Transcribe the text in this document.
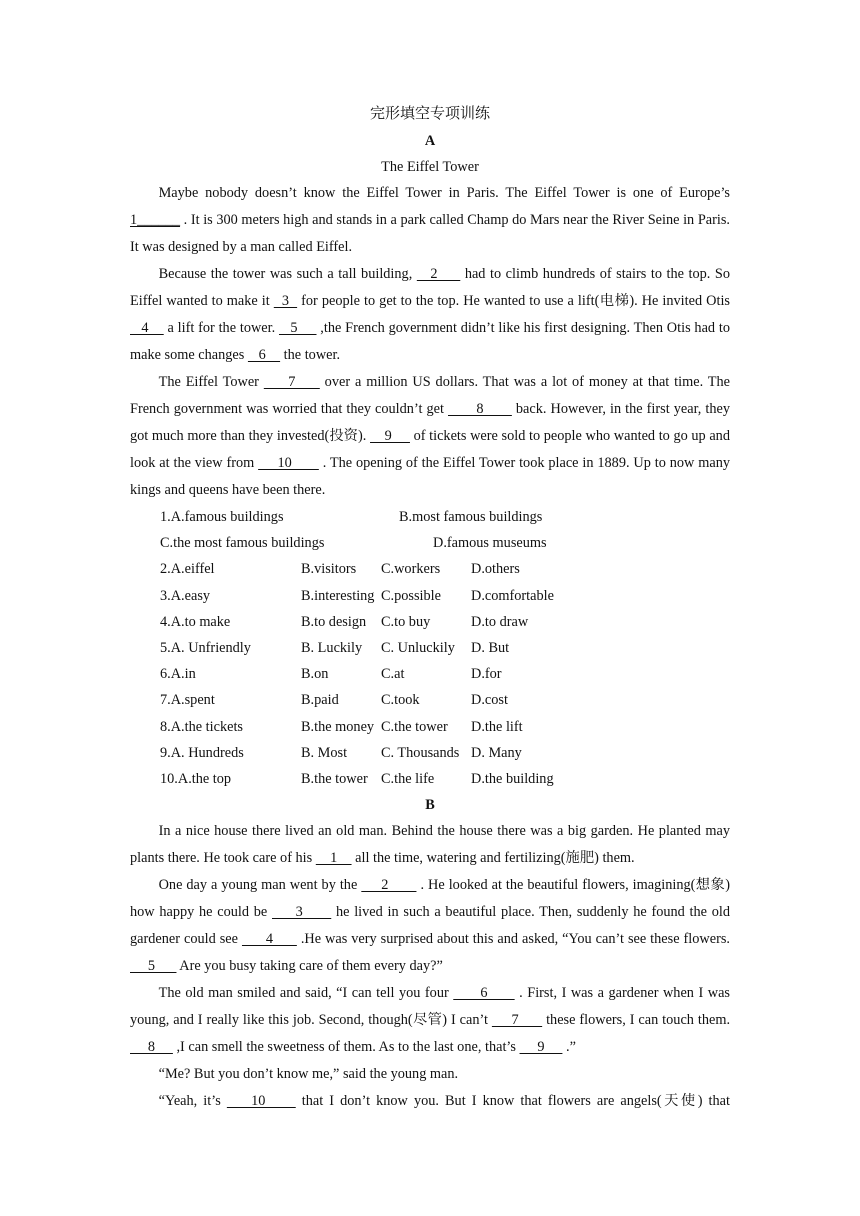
完形填空专项训练
A
The Eiffel Tower

Maybe nobody doesn’t know the Eiffel Tower in Paris. The Eiffel Tower is one of Europe’s 1______ . It is 300 meters high and stands in a park called Champ do Mars near the River Seine in Paris. It was designed by a man called Eiffel.

Because the tower was such a tall building,    2      had to climb hundreds of stairs to the top. So Eiffel wanted to make it   3   for people to get to the top. He wanted to use a lift(电梯). He invited Otis    4     a lift for the tower.    5      ,the French government didn’t like his first designing. Then Otis had to make some changes    6     the tower.

The Eiffel Tower      7      over a million US dollars. That was a lot of money at that time. The French government was worried that they couldn’t get        8        back. However, in the first year, they got much more than they invested(投资).     9      of tickets were sold to people who wanted to go up and look at the view from      10        . The opening of the Eiffel Tower took place in 1889. Up to now many kings and queens have been there.

1.A.famous buildings	B.most famous buildings
C.the most famous buildings	D.famous museums
2.A.eiffel	B.visitors C.workers D.others
3.A.easy	B.interesting C.possible D.comfortable
4.A.to make	B.to design C.to buy	D.to draw
5.A. Unfriendly	B. Luckily C. Unluckily D. But
6.A.in	B.on	C.at	D.for
7.A.spent	B.paid	C.took	D.cost
8.A.the tickets	B.the money C.the tower D.the lift
9.A. Hundreds	B. Most C. Thousands D. Many
10.A.the top	B.the tower C.the life	D.the building
B

In a nice house there lived an old man. Behind the house there was a big garden. He planted may plants there. He took care of his     1     all the time, watering and fertilizing(施肥) them.

One day a young man went by the      2        . He looked at the beautiful flowers, imagining(想象) how happy he could be      3       he lived in such a beautiful place. Then, suddenly he found the old gardener could see       4       .He was very surprised about this and asked, “You can’t see these flowers.      5       Are you busy taking care of them every day?”

The old man smiled and said, “I can tell you four       6       . First, I was a gardener when I was young, and I really like this job. Second, though(尽管) I can’t      7       these flowers, I can touch them.      8      ,I can smell the sweetness of them. As to the last one, that’s      9      .”

“Me? But you don’t know me,” said the young man.

“Yeah, it’s     10      that I don’t know you. But I know that flowers are angels(天使) that
